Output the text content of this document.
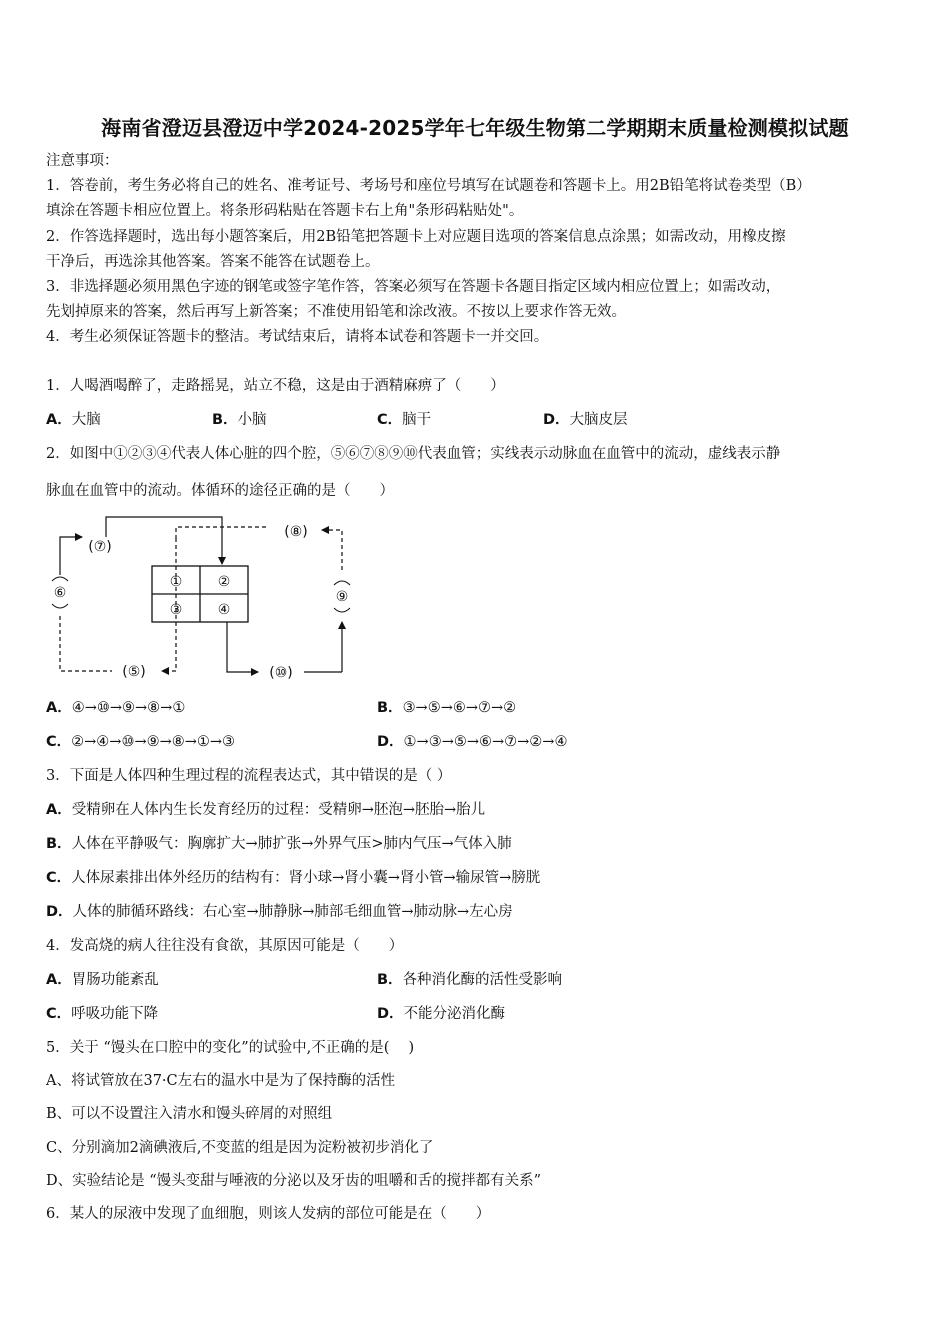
海南省澄迈县澄迈中学2024-2025学年七年级生物第二学期期末质量检测模拟试题
注意事项：
1．答卷前，考生务必将自己的姓名、准考证号、考场号和座位号填写在试题卷和答题卡上。用2B铅笔将试卷类型（B）
填涂在答题卡相应位置上。将条形码粘贴在答题卡右上角"条形码粘贴处"。
2．作答选择题时，选出每小题答案后，用2B铅笔把答题卡上对应题目选项的答案信息点涂黑；如需改动，用橡皮擦
干净后，再选涂其他答案。答案不能答在试题卷上。
3．非选择题必须用黑色字迹的钢笔或签字笔作答，答案必须写在答题卡各题目指定区域内相应位置上；如需改动，
先划掉原来的答案，然后再写上新答案；不准使用铅笔和涂改液。不按以上要求作答无效。
4．考生必须保证答题卡的整洁。考试结束后，请将本试卷和答题卡一并交回。
1．人喝酒喝醉了，走路摇晃，站立不稳，这是由于酒精麻痹了（　　）
A．大脑	B．小脑	C．脑干	D．大脑皮层
2．如图中①②③④代表人体心脏的四个腔，⑤⑥⑦⑧⑨⑩代表血管；实线表示动脉血在血管中的流动，虚线表示静
脉血在血管中的流动。体循环的途径正确的是（　　）
①	②
③	④
(⑦)
⑥
(⑤)
(⑧)
⑨
(⑩)
A．④→⑩→⑨→⑧→①	B．③→⑤→⑥→⑦→②
C．②→④→⑩→⑨→⑧→①→③	D．①→③→⑤→⑥→⑦→②→④
3．下面是人体四种生理过程的流程表达式，其中错误的是（ ）
A．受精卵在人体内生长发育经历的过程：受精卵→胚泡→胚胎→胎儿
B．人体在平静吸气：胸廓扩大→肺扩张→外界气压>肺内气压→气体入肺
C．人体尿素排出体外经历的结构有：肾小球→肾小囊→肾小管→输尿管→膀胱
D．人体的肺循环路线：右心室→肺静脉→肺部毛细血管→肺动脉→左心房
4．发高烧的病人往往没有食欲，其原因可能是（　　）
A．胃肠功能紊乱	B．各种消化酶的活性受影响
C．呼吸功能下降	D．不能分泌消化酶
5．关于 “馒头在口腔中的变化”的试验中,不正确的是(　 )
A、将试管放在37·C左右的温水中是为了保持酶的活性
B、可以不设置注入清水和馒头碎屑的对照组
C、分别滴加2滴碘液后,不变蓝的组是因为淀粉被初步消化了
D、实验结论是 “馒头变甜与唾液的分泌以及牙齿的咀嚼和舌的搅拌都有关系”
6．某人的尿液中发现了血细胞，则该人发病的部位可能是在（　　）
